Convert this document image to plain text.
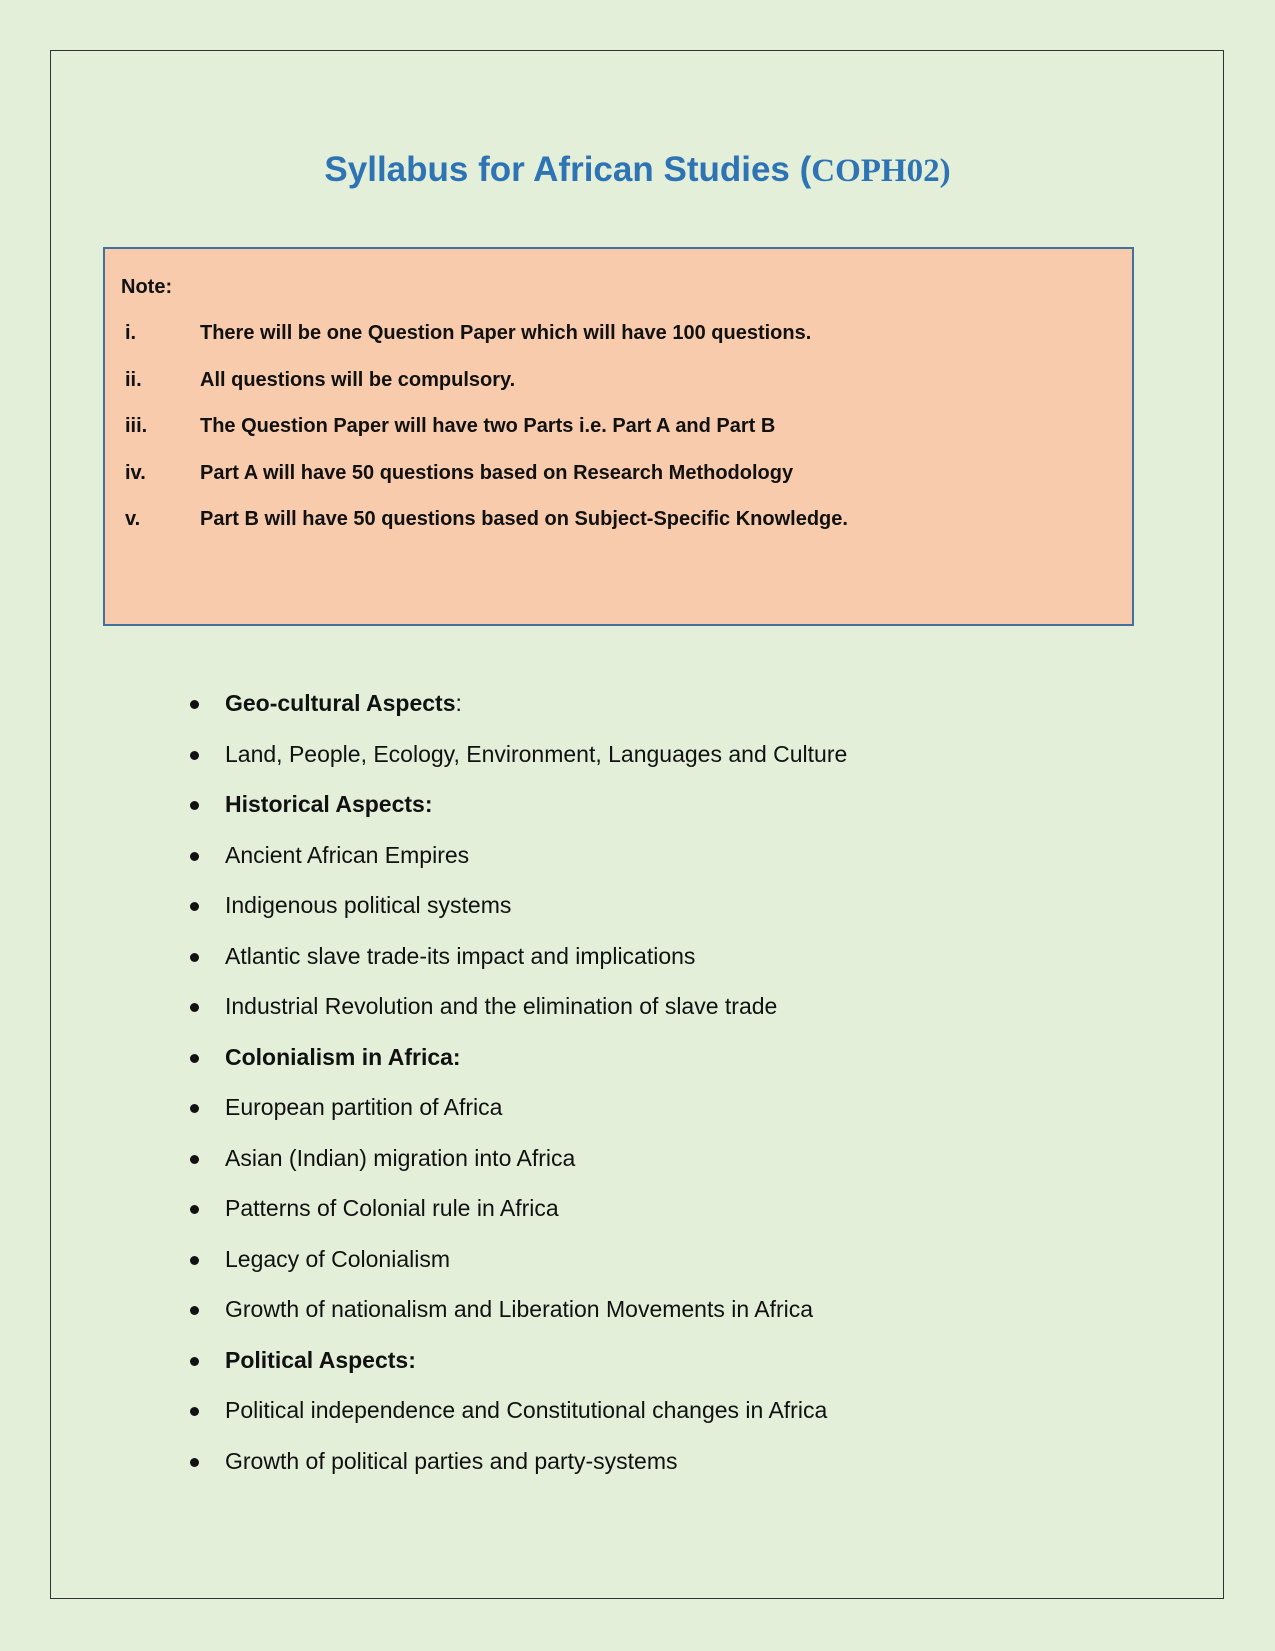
Syllabus for African Studies (COPH02)
Note:
i.	There will be one Question Paper which will have 100 questions.
ii.	All questions will be compulsory.
iii.	The Question Paper will have two Parts i.e. Part A and Part B
iv.	Part A will have 50 questions based on Research Methodology
v.	Part B will have 50 questions based on Subject-Specific Knowledge.
Geo-cultural Aspects:
Land, People, Ecology, Environment, Languages and Culture
Historical Aspects:
Ancient African Empires
Indigenous political systems
Atlantic slave trade-its impact and implications
Industrial Revolution and the elimination of slave trade
Colonialism in Africa:
European partition of Africa
Asian (Indian) migration into Africa
Patterns of Colonial rule in Africa
Legacy of Colonialism
Growth of nationalism and Liberation Movements in Africa
Political Aspects:
Political independence and Constitutional changes in Africa
Growth of political parties and party-systems
